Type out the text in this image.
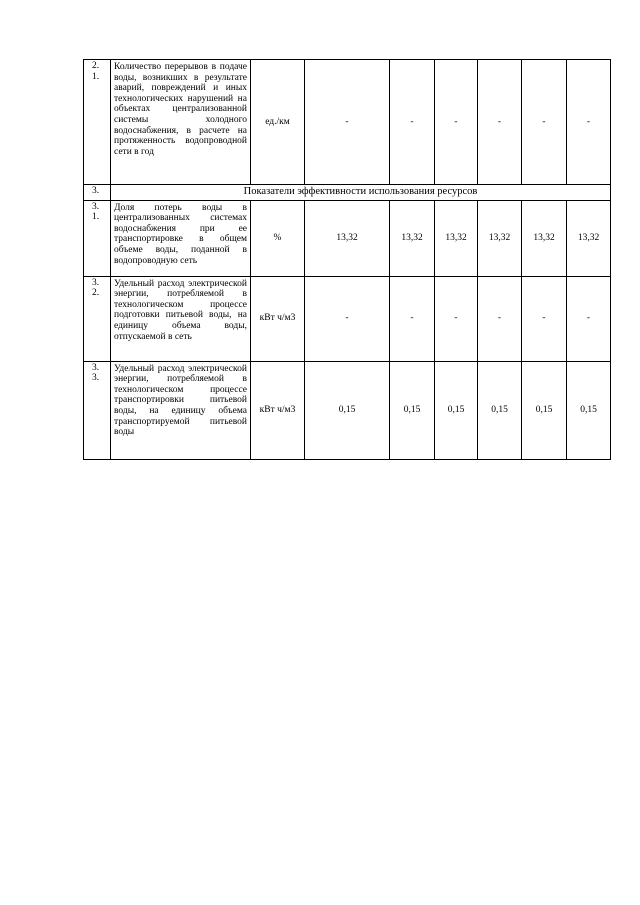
2.
1.	Количество перерывов в подаче воды, возникших в результате аварий, повреждений и иных технологических нарушений на объектах централизованной системы холодного водоснабжения, в расчете на протяженность водопроводной сети в год	ед./км	-	-	-	-	-	-
3.	Показатели эффективности использования ресурсов							

3.
1.	Доля потерь воды в централизованных системах водоснабжения при ее транспортировке в общем объеме воды, поданной в водопроводную сеть	%	13,32	13,32	13,32	13,32	13,32	13,32

3.
2.	Удельный расход электрической энергии, потребляемой в технологическом процессе подготовки питьевой воды, на единицу объема воды, отпускаемой в сеть	кВт ч/м3	-	-	-	-	-	-

3.
3.	Удельный расход электрической энергии, потребляемой в технологическом процессе транспортировки питьевой воды, на единицу объема транспортируемой питьевой воды	кВт ч/м3	0,15	0,15	0,15	0,15	0,15	0,15
